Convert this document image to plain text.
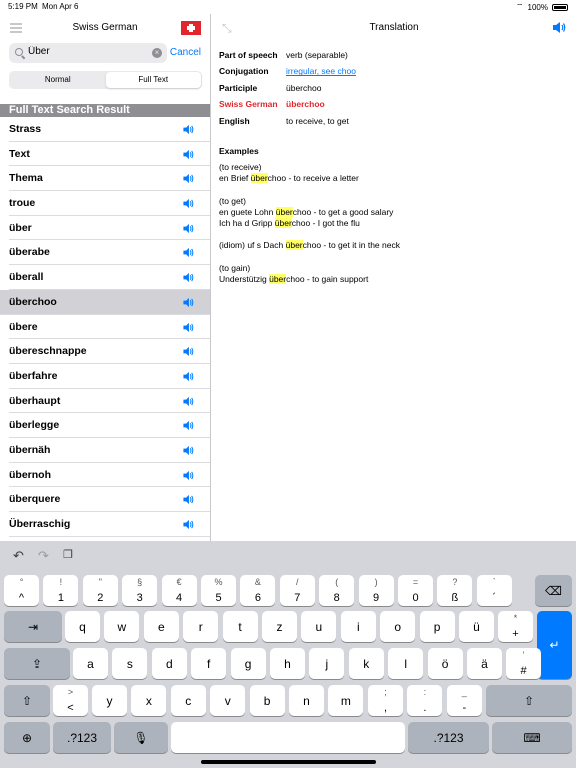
5:19 PM Mon Apr 6	⌔ 100%
Swiss German
Über
× Cancel
Normal	Full Text
Full Text Search Result
Strass
Text
Thema
troue
über
überabe
überall
überchoo
übere
übereschnappe
überfahre
überhaupt
überlegge
übernäh
übernoh
überquere
Überraschig
⤡	Translation
Part of speech verb (separable)
Conjugation	irregular, see choo
Participle	überchoo
Swiss German überchoo
English	to receive, to get
Examples
(to receive)
en Brief überchoo - to receive a letter
(to get)
en guete Lohn überchoo - to get a good salary
Ich ha d Gripp überchoo - I got the flu
(idiom) uf s Dach überchoo - to get it in the neck
(to gain)
Understützig überchoo - to gain support
↶ ↷ ❐
°
^
!
1
"
2
§
3
€
4
%
5
&
6
/
7
(
8
)
9
=
0
?
ß
`
´
⌫
⇥	q	w	e	r	t	z	u	i	o	p	ü
*
+
↵
⇪	a	s	d	f	g	h	j	k	l	ö	ä
’
#
⇧
>
<
y	x	c	v	b	n	m
;
,
:
.
_
-
⇧
⊕	.?123	🎙	.?123	⌨
